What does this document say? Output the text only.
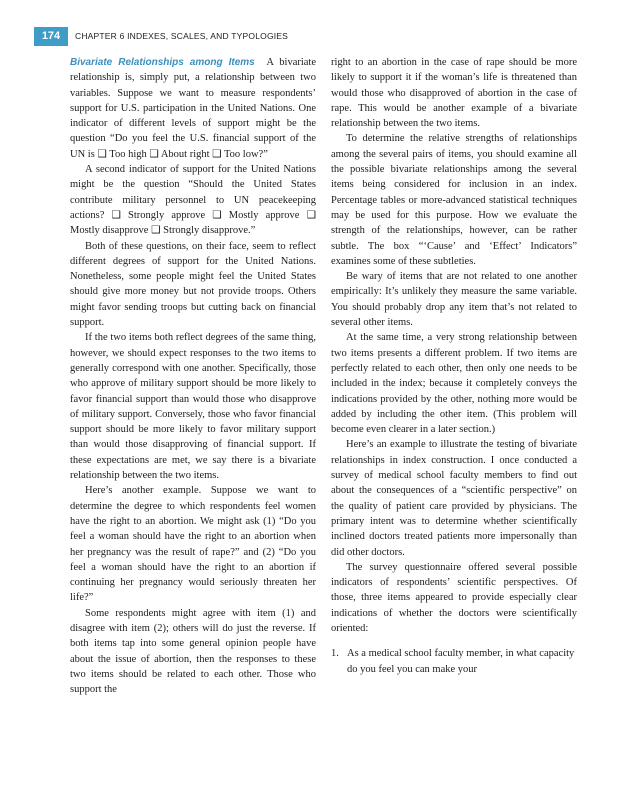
174	CHAPTER 6 INDEXES, SCALES, AND TYPOLOGIES

Bivariate Relationships among Items A bivariate relationship is, simply put, a relationship between two variables. Suppose we want to measure respondents’ support for U.S. participation in the United Nations. One indicator of different levels of support might be the question “Do you feel the U.S. financial support of the UN is ❑ Too high ❑ About right ❑ Too low?”

A second indicator of support for the United Nations might be the question “Should the United States contribute military personnel to UN peacekeeping actions? ❑ Strongly approve ❑ Mostly approve ❑ Mostly disapprove ❑ Strongly disapprove.”

Both of these questions, on their face, seem to reflect different degrees of support for the United Nations. Nonetheless, some people might feel the United States should give more money but not provide troops. Others might favor sending troops but cutting back on financial support.

If the two items both reflect degrees of the same thing, however, we should expect responses to the two items to generally correspond with one another. Specifically, those who approve of military support should be more likely to favor financial support than would those who disapprove of military support. Conversely, those who favor financial support should be more likely to favor military support than would those disapproving of financial support. If these expectations are met, we say there is a bivariate relationship between the two items.

Here’s another example. Suppose we want to determine the degree to which respondents feel women have the right to an abortion. We might ask (1) “Do you feel a woman should have the right to an abortion when her pregnancy was the result of rape?” and (2) “Do you feel a woman should have the right to an abortion if continuing her pregnancy would seriously threaten her life?”

Some respondents might agree with item (1) and disagree with item (2); others will do just the reverse. If both items tap into some general opinion people have about the issue of abortion, then the responses to these two items should be related to each other. Those who support the

right to an abortion in the case of rape should be more likely to support it if the woman’s life is threatened than would those who disapproved of abortion in the case of rape. This would be another example of a bivariate relationship between the two items.

To determine the relative strengths of relationships among the several pairs of items, you should examine all the possible bivariate relationships among the several items being considered for inclusion in an index. Percentage tables or more-advanced statistical techniques may be used for this purpose. How we evaluate the strength of the relationships, however, can be rather subtle. The box “‘Cause’ and ‘Effect’ Indicators” examines some of these subtleties.

Be wary of items that are not related to one another empirically: It’s unlikely they measure the same variable. You should probably drop any item that’s not related to several other items.

At the same time, a very strong relationship between two items presents a different problem. If two items are perfectly related to each other, then only one needs to be included in the index; because it completely conveys the indications provided by the other, nothing more would be added by including the other item. (This problem will become even clearer in a later section.)

Here’s an example to illustrate the testing of bivariate relationships in index construction. I once conducted a survey of medical school faculty members to find out about the consequences of a “scientific perspective” on the quality of patient care provided by physicians. The primary intent was to determine whether scientifically inclined doctors treated patients more impersonally than did other doctors.

The survey questionnaire offered several possible indicators of respondents’ scientific perspectives. Of those, three items appeared to provide especially clear indications of whether the doctors were scientifically oriented:

1. As a medical school faculty member, in what capacity do you feel you can make your
